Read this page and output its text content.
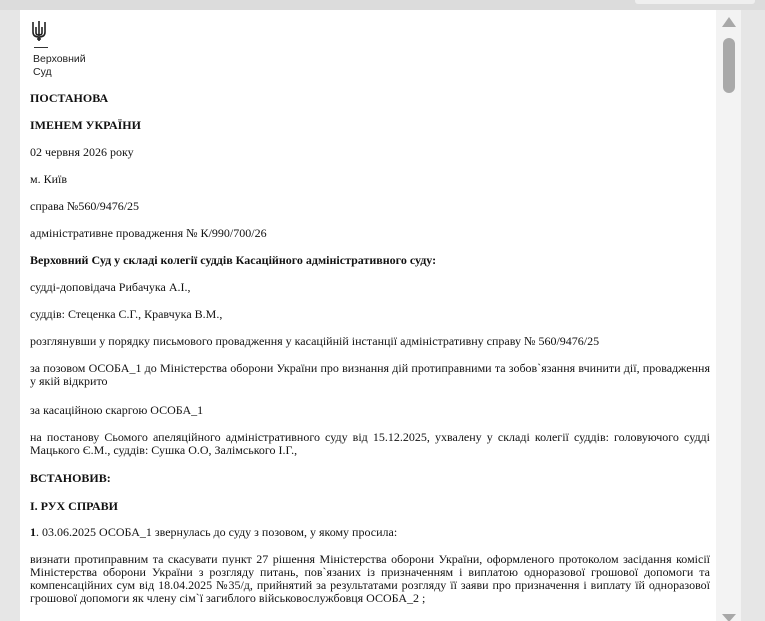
Верховний
Суд

ПОСТАНОВА

ІМЕНЕМ УКРАЇНИ

02 червня 2026 року

м. Київ

справа №560/9476/25

адміністративне провадження № К/990/700/26

Верховний Суд у складі колегії суддів Касаційного адміністративного суду:

судді-доповідача Рибачука А.І.,

суддів: Стеценка С.Г., Кравчука В.М.,

розглянувши у порядку письмового провадження у касаційній інстанції адміністративну справу № 560/9476/25

за позовом ОСОБА_1 до Міністерства оборони України про визнання дій протиправними та зобов`язання вчинити дії, провадження у якій відкрито

за касаційною скаргою ОСОБА_1

на постанову Сьомого апеляційного адміністративного суду від 15.12.2025, ухвалену у складі колегії суддів: головуючого судді Мацького Є.М., суддів: Сушка О.О, Залімського І.Г.,

ВСТАНОВИВ:

I. РУХ СПРАВИ

1. 03.06.2025 ОСОБА_1 звернулась до суду з позовом, у якому просила:

визнати протиправним та скасувати пункт 27 рішення Міністерства оборони України, оформленого протоколом засідання комісії Міністерства оборони України з розгляду питань, пов`язаних із призначенням і виплатою одноразової грошової допомоги та компенсаційних сум від 18.04.2025 №35/д, прийнятий за результатами розгляду її заяви про призначення і виплату їй одноразової грошової допомоги як члену сім`ї загиблого військовослужбовця ОСОБА_2 ;
